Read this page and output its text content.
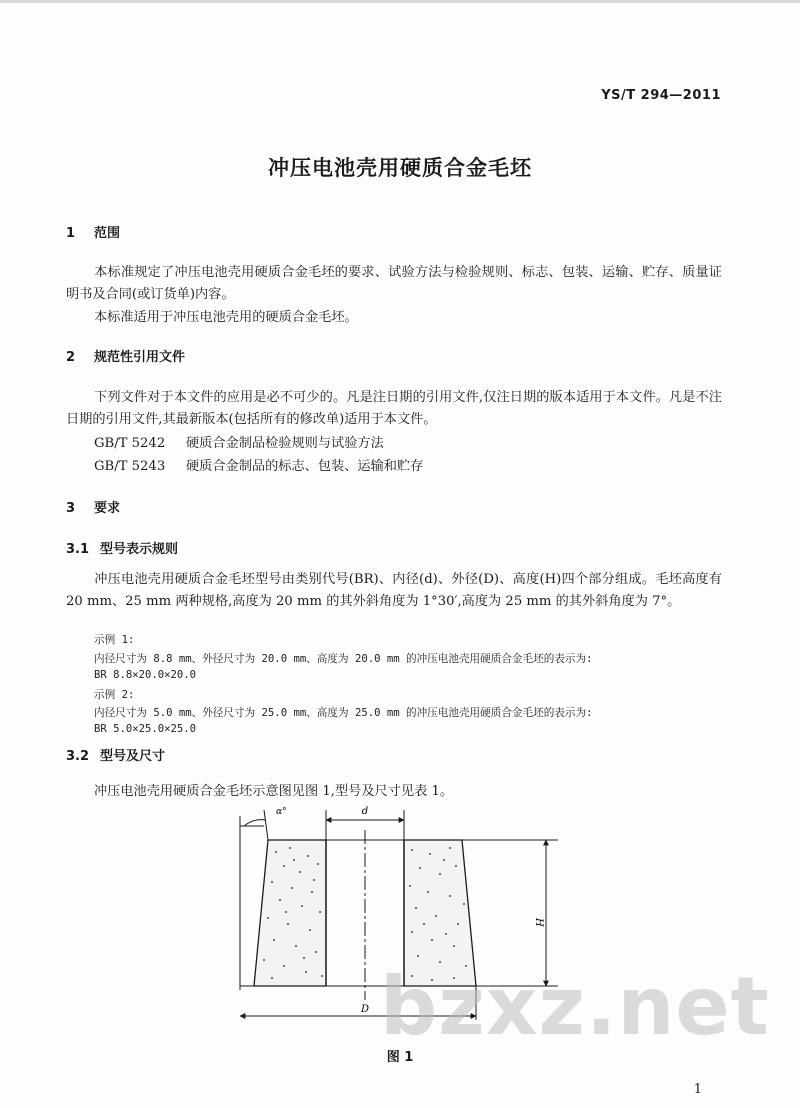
YS/T 294—2011
冲压电池壳用硬质合金毛坯
1 范围
本标准规定了冲压电池壳用硬质合金毛坯的要求、试验方法与检验规则、标志、包装、运输、贮存、质量证明书及合同(或订货单)内容。
本标准适用于冲压电池壳用的硬质合金毛坯。
2 规范性引用文件
下列文件对于本文件的应用是必不可少的。凡是注日期的引用文件,仅注日期的版本适用于本文件。凡是不注日期的引用文件,其最新版本(包括所有的修改单)适用于本文件。
GB/T 5242 硬质合金制品检验规则与试验方法
GB/T 5243 硬质合金制品的标志、包装、运输和贮存
3 要求
3.1 型号表示规则
冲压电池壳用硬质合金毛坯型号由类别代号(BR)、内径(d)、外径(D)、高度(H)四个部分组成。毛坯高度有 20 mm、25 mm 两种规格,高度为 20 mm 的其外斜角度为 1°30′,高度为 25 mm 的其外斜角度为 7°。
示例 1:
内径尺寸为 8.8 mm、外径尺寸为 20.0 mm、高度为 20.0 mm 的冲压电池壳用硬质合金毛坯的表示为:
BR 8.8×20.0×20.0
示例 2:
内径尺寸为 5.0 mm、外径尺寸为 25.0 mm、高度为 25.0 mm 的冲压电池壳用硬质合金毛坯的表示为:
BR 5.0×25.0×25.0
3.2 型号及尺寸
冲压电池壳用硬质合金毛坯示意图见图 1,型号及尺寸见表 1。
d
α°
H
D bzxz.net
图 1
1
